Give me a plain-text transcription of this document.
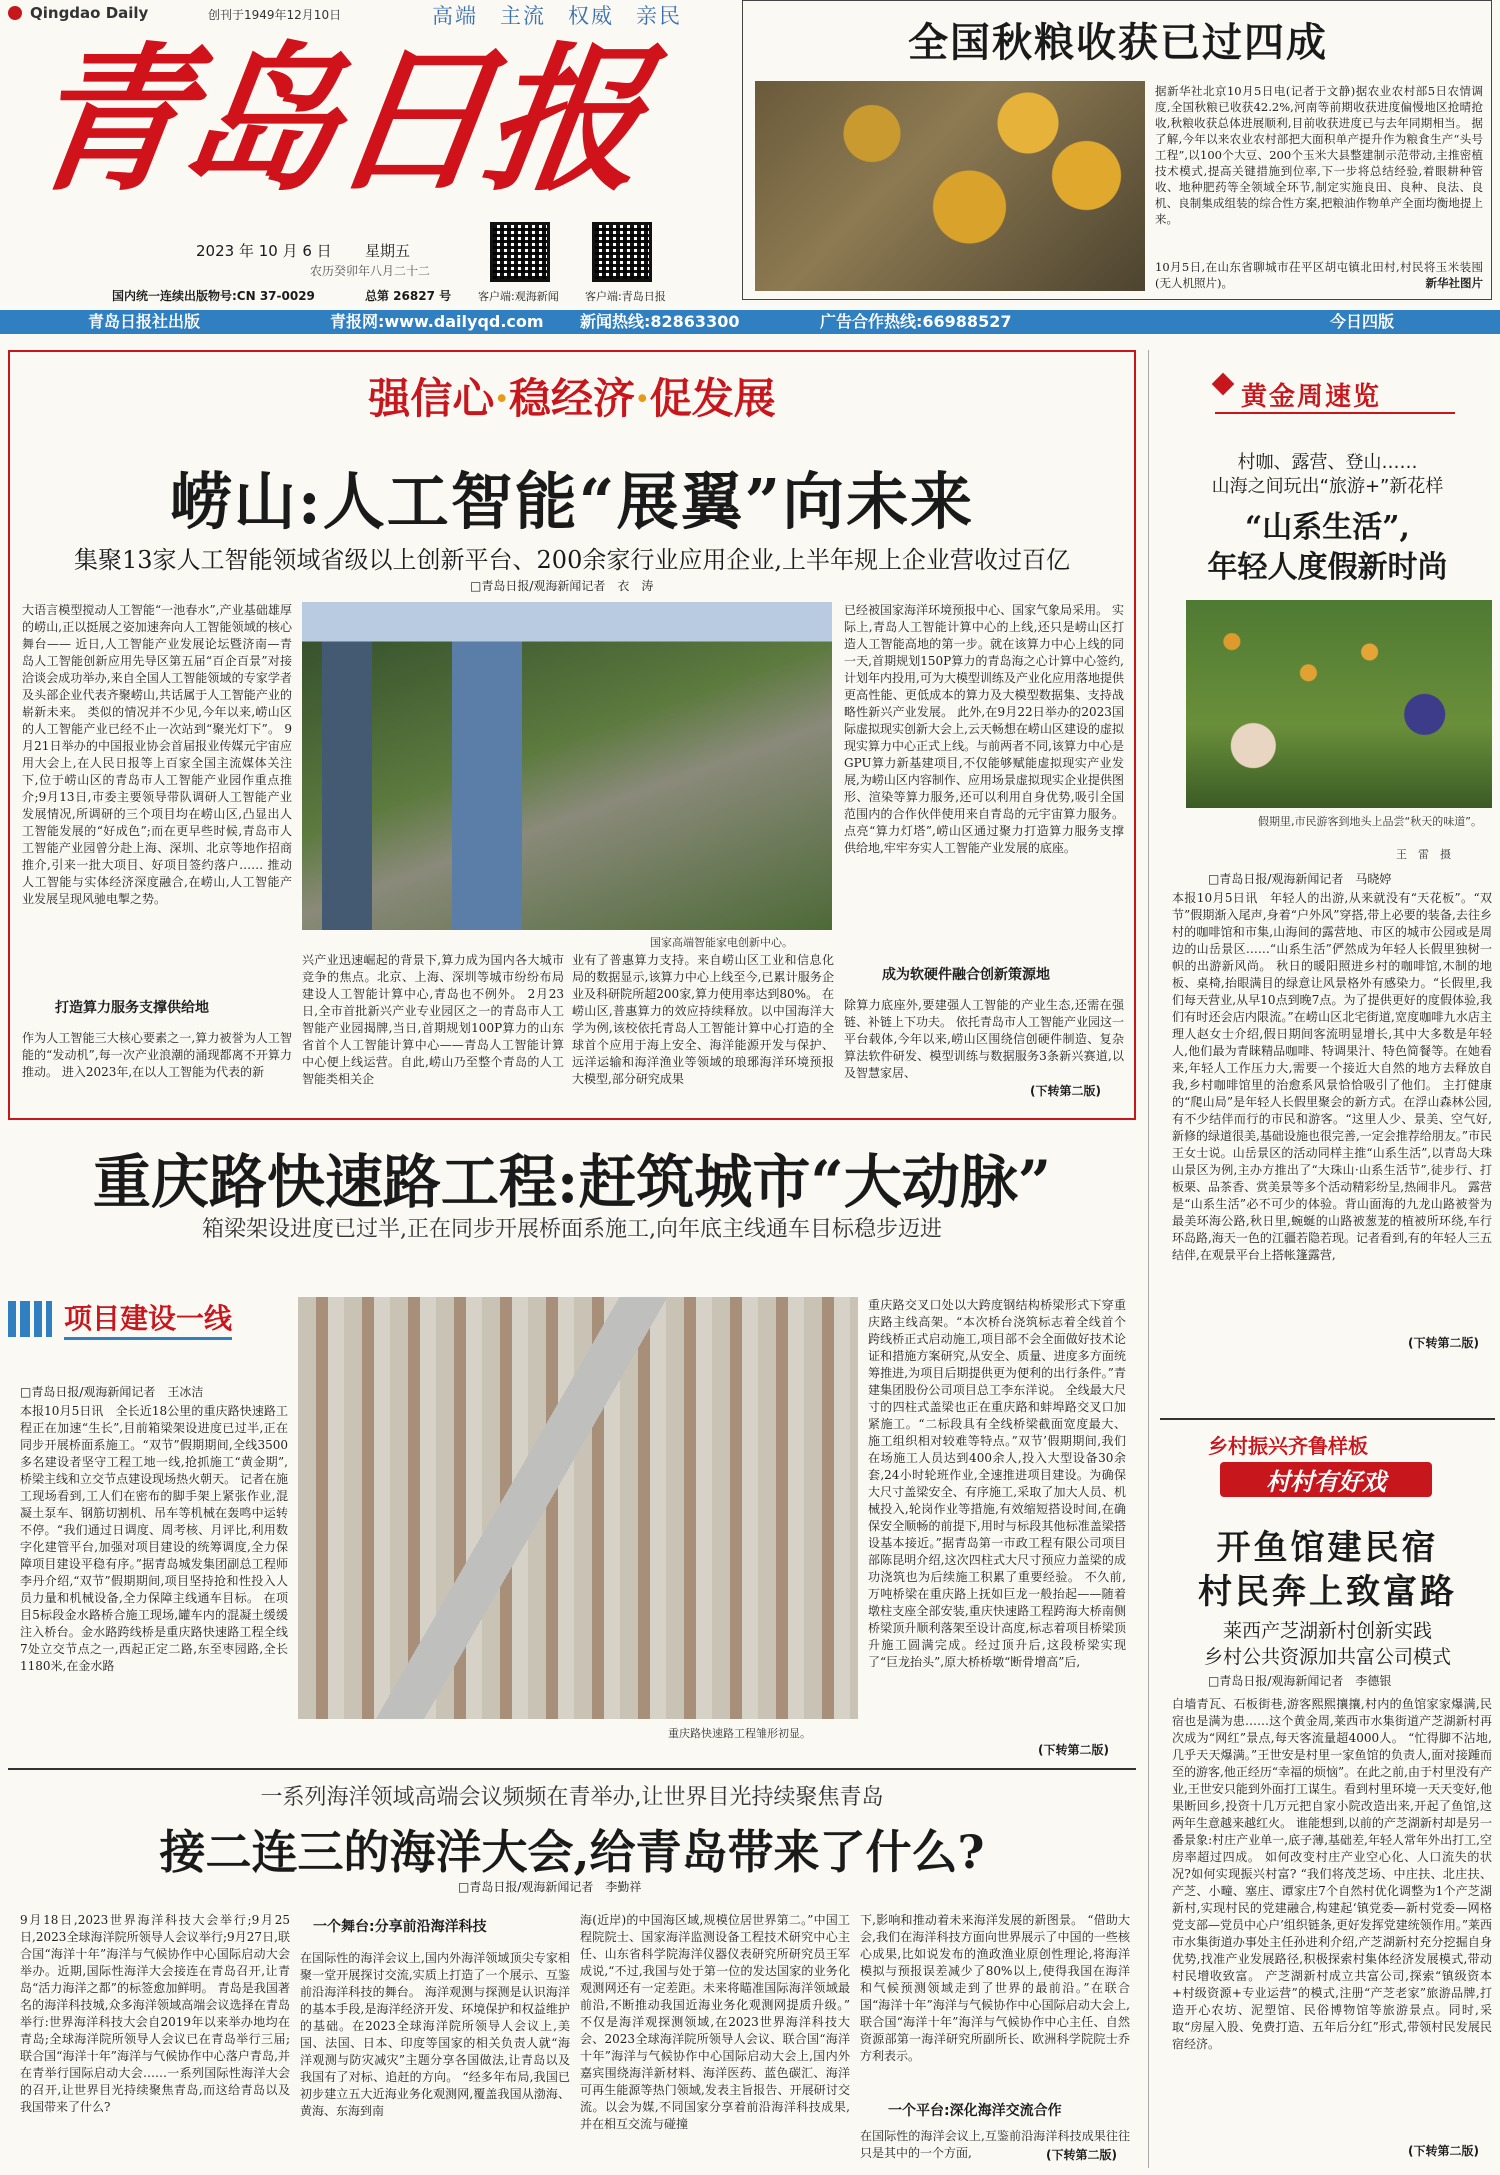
Qingdao Daily	创刊于1949年12月10日	高端 主流 权威 亲民
青岛日报
2023 年 10 月 6 日 星期五
农历癸卯年八月二十二
客户端:观海新闻 客户端:青岛日报
国内统一连续出版物号:CN 37-0029	总第 26827 号
全国秋粮收获已过四成
据新华社北京10月5日电(记者于文静)据农业农村部5日农情调度,全国秋粮已收获42.2%,河南等前期收获进度偏慢地区抢晴抢收,秋粮收获总体进展顺利,目前收获进度已与去年同期相当。 据了解,今年以来农业农村部把大面积单产提升作为粮食生产“头号工程”,以100个大豆、200个玉米大县整建制示范带动,主推密植技术模式,提高关键措施到位率,下一步将总结经验,着眼耕种管收、地种肥药等全领域全环节,制定实施良田、良种、良法、良机、良制集成组装的综合性方案,把粮油作物单产全面均衡地提上来。
10月5日,在山东省聊城市茌平区胡屯镇北田村,村民将玉米装囤(无人机照片)。	新华社图片
青岛日报社出版	青报网:www.dailyqd.com 新闻热线:82863300	广告合作热线:66988527	今日四版
强信心·稳经济·促发展
崂山:人工智能“展翼”向未来
集聚13家人工智能领域省级以上创新平台、200余家行业应用企业,上半年规上企业营收过百亿
□青岛日报/观海新闻记者　衣　涛
大语言模型搅动人工智能“一池春水”,产业基础雄厚的崂山,正以挺展之姿加速奔向人工智能领域的核心舞台—— 近日,人工智能产业发展论坛暨济南—青岛人工智能创新应用先导区第五届“百企百景”对接洽谈会成功举办,来自全国人工智能领域的专家学者及头部企业代表齐聚崂山,共话属于人工智能产业的崭新未来。 类似的情况并不少见,今年以来,崂山区的人工智能产业已经不止一次站到“聚光灯下”。 9月21日举办的中国报业协会首届报业传媒元宇宙应用大会上,在人民日报等上百家全国主流媒体关注下,位于崂山区的青岛市人工智能产业园作重点推介;9月13日,市委主要领导带队调研人工智能产业发展情况,所调研的三个项目均在崂山区,凸显出人工智能发展的“好成色”;而在更早些时候,青岛市人工智能产业园曾分赴上海、深圳、北京等地作招商推介,引来一批大项目、好项目签约落户…… 推动人工智能与实体经济深度融合,在崂山,人工智能产业发展呈现风驰电掣之势。
打造算力服务支撑供给地
作为人工智能三大核心要素之一,算力被誉为人工智能的“发动机”,每一次产业浪潮的涌现都离不开算力推动。 进入2023年,在以人工智能为代表的新
国家高端智能家电创新中心。
兴产业迅速崛起的背景下,算力成为国内各大城市竞争的焦点。北京、上海、深圳等城市纷纷布局建设人工智能计算中心,青岛也不例外。 2月23日,全市首批新兴产业专业园区之一的青岛市人工智能产业园揭牌,当日,首期规划100P算力的山东省首个人工智能计算中心——青岛人工智能计算中心便上线运营。自此,崂山乃至整个青岛的人工智能类相关企
业有了普惠算力支持。来自崂山区工业和信息化局的数据显示,该算力中心上线至今,已累计服务企业及科研院所超200家,算力使用率达到80%。 在崂山区,普惠算力的效应持续释放。以中国海洋大学为例,该校依托青岛人工智能计算中心打造的全球首个应用于海上安全、海洋能源开发与保护、远洋运输和海洋渔业等领域的琅琊海洋环境预报大模型,部分研究成果
已经被国家海洋环境预报中心、国家气象局采用。 实际上,青岛人工智能计算中心的上线,还只是崂山区打造人工智能高地的第一步。就在该算力中心上线的同一天,首期规划150P算力的青岛海之心计算中心签约,计划年内投用,可为大模型训练及产业化应用落地提供更高性能、更低成本的算力及大模型数据集、支持战略性新兴产业发展。 此外,在9月22日举办的2023国际虚拟现实创新大会上,云天畅想在崂山区建设的虚拟现实算力中心正式上线。与前两者不同,该算力中心是GPU算力新基建项目,不仅能够赋能虚拟现实产业发展,为崂山区内容制作、应用场景虚拟现实企业提供图形、渲染等算力服务,还可以利用自身优势,吸引全国范围内的合作伙伴使用来自青岛的元宇宙算力服务。 点亮“算力灯塔”,崂山区通过聚力打造算力服务支撑供给地,牢牢夯实人工智能产业发展的底座。
成为软硬件融合创新策源地
除算力底座外,要建强人工智能的产业生态,还需在强链、补链上下功夫。 依托青岛市人工智能产业园这一平台载体,今年以来,崂山区围绕信创硬件制造、复杂算法软件研发、模型训练与数据服务3条新兴赛道,以及智慧家居、
(下转第二版)
重庆路快速路工程:赶筑城市“大动脉”
箱梁架设进度已过半,正在同步开展桥面系施工,向年底主线通车目标稳步迈进
项目建设一线
□青岛日报/观海新闻记者　王冰洁
本报10月5日讯　全长近18公里的重庆路快速路工程正在加速“生长”,目前箱梁架设进度已过半,正在同步开展桥面系施工。“双节”假期期间,全线3500多名建设者坚守工程工地一线,抢抓施工“黄金期”,桥梁主线和立交节点建设现场热火朝天。 记者在施工现场看到,工人们在密布的脚手架上紧张作业,混凝土泵车、钢筋切割机、吊车等机械在轰鸣中运转不停。“我们通过日调度、周考核、月评比,利用数字化建管平台,加强对项目建设的统筹调度,全力保障项目建设平稳有序。”据青岛城发集团副总工程师李丹介绍,“双节”假期期间,项目坚持抢和性投入人员力量和机械设备,全力保障主线通车目标。 在项目5标段金水路桥合施工现场,罐车内的混凝土缓缓注入桥台。金水路跨线桥是重庆路快速路工程全线7处立交节点之一,西起正定二路,东至枣园路,全长1180米,在金水路
重庆路快速路工程雏形初显。
重庆路交叉口处以大跨度钢结构桥梁形式下穿重庆路主线高架。“本次桥台浇筑标志着全线首个跨线桥正式启动施工,项目部不会全面做好技术论证和措施方案研究,从安全、质量、进度多方面统筹推进,为项目后期提供更为便利的出行条件。”青建集团股份公司项目总工李东洋说。 全线最大尺寸的四柱式盖梁也正在重庆路和蚌埠路交叉口加紧施工。“二标段具有全线桥梁截面宽度最大、施工组织相对较难等特点。”双节’假期期间,我们在场施工人员达到400余人,投入大型设备30余套,24小时轮班作业,全速推进项目建设。为确保大尺寸盖梁安全、有序施工,采取了加大人员、机械投入,轮岗作业等措施,有效缩短搭设时间,在确保安全顺畅的前提下,用时与标段其他标准盖梁搭设基本接近。”据青岛第一市政工程有限公司项目部陈昆明介绍,这次四柱式大尺寸预应力盖梁的成功浇筑也为后续施工积累了重要经验。 不久前,万吨桥梁在重庆路上抚如巨龙一般抬起——随着墩柱支座全部安装,重庆快速路工程跨海大桥南侧桥梁顶升顺利落架至设计高度,标志着项目桥梁顶升施工圆满完成。经过顶升后,这段桥梁实现了“巨龙抬头”,原大桥桥墩“断骨增高”后,
(下转第二版)
一系列海洋领域高端会议频频在青举办,让世界目光持续聚焦青岛
接二连三的海洋大会,给青岛带来了什么?
□青岛日报/观海新闻记者　李勤祥
9月18日,2023世界海洋科技大会举行;9月25日,2023全球海洋院所领导人会议举行;9月27日,联合国“海洋十年”海洋与气候协作中心国际启动大会举办。近期,国际性海洋大会接连在青岛召开,让青岛“活力海洋之都”的标签愈加鲜明。 青岛是我国著名的海洋科技城,众多海洋领域高端会议选择在青岛举行:世界海洋科技大会自2019年以来举办地均在青岛;全球海洋院所领导人会议已在青岛举行三届;联合国“海洋十年”海洋与气候协作中心落户青岛,并在青举行国际启动大会……一系列国际性海洋大会的召开,让世界目光持续聚焦青岛,而这给青岛以及我国带来了什么?
一个舞台:分享前沿海洋科技
在国际性的海洋会议上,国内外海洋领域顶尖专家相聚一堂开展探讨交流,实质上打造了一个展示、互鉴前沿海洋科技的舞台。 海洋观测与探测是认识海洋的基本手段,是海洋经济开发、环境保护和权益维护的基础。在2023全球海洋院所领导人会议上,美国、法国、日本、印度等国家的相关负责人就“海洋观测与防灾减灾”主题分享各国做法,让青岛以及我国有了对标、追赶的方向。 “经多年布局,我国已初步建立五大近海业务化观测网,覆盖我国从渤海、黄海、东海到南
海(近岸)的中国海区域,规模位居世界第二。”中国工程院院士、国家海洋监测设备工程技术研究中心主任、山东省科学院海洋仪器仪表研究所研究员王军成说,“不过,我国与处于第一位的发达国家的业务化观测网还有一定差距。未来将瞄准国际海洋领域最前沿,不断推动我国近海业务化观测网提质升级。” 不仅是海洋观探测领域,在2023世界海洋科技大会、2023全球海洋院所领导人会议、联合国“海洋十年”海洋与气候协作中心国际启动大会上,国内外嘉宾围绕海洋新材料、海洋医药、蓝色碳汇、海洋可再生能源等热门领域,发表主旨报告、开展研讨交流。以会为媒,不同国家分享着前沿海洋科技成果,并在相互交流与碰撞
下,影响和推动着未来海洋发展的新图景。 “借助大会,我们在海洋科技方面向世界展示了中国的一些核心成果,比如说发布的渔政渔业原创性理论,将海洋模拟与预报误差减少了80%以上,使得我国在海洋和气候预测领域走到了世界的最前沿。”在联合国“海洋十年”海洋与气候协作中心国际启动大会上,联合国“海洋十年”海洋与气候协作中心主任、自然资源部第一海洋研究所副所长、欧洲科学院院士乔方利表示。
一个平台:深化海洋交流合作
在国际性的海洋会议上,互鉴前沿海洋科技成果往往只是其中的一个方面,	(下转第二版)
黄金周速览
村咖、露营、登山……
山海之间玩出“旅游+”新花样
“山系生活”,
年轻人度假新时尚
假期里,市民游客到地头上品尝“秋天的味道”。
王　雷　摄
□青岛日报/观海新闻记者　马晓婷
本报10月5日讯　年轻人的出游,从来就没有“天花板”。“双节”假期渐入尾声,身着“户外风”穿搭,带上必要的装备,去往乡村的咖啡馆和市集,山海间的露营地、市区的城市公园或是周边的山岳景区……“山系生活”俨然成为年轻人长假里独树一帜的出游新风尚。 秋日的暖阳照进乡村的咖啡馆,木制的地板、桌椅,抬眼满目的绿意让风景格外有感染力。“长假里,我们每天营业,从早10点到晚7点。为了提供更好的度假体验,我们有时还会店内限流。”在崂山区北宅街道,宽度咖啡九水店主理人赵女士介绍,假日期间客流明显增长,其中大多数是年轻人,他们最为青睐精品咖啡、特调果汁、特色简餐等。在她看来,年轻人工作压力大,需要一个接近大自然的地方去释放自我,乡村咖啡馆里的治愈系风景恰恰吸引了他们。 主打健康的“爬山局”是年轻人长假里聚会的新方式。在浮山森林公园,有不少结伴而行的市民和游客。“这里人少、景美、空气好,新修的绿道很美,基础设施也很完善,一定会推荐给朋友。”市民王女士说。山岳景区的活动同样主推“山系生活”,以青岛大珠山景区为例,主办方推出了“大珠山·山系生活节”,徒步行、打板栗、品茶香、赏美景等多个活动精彩纷呈,热闹非凡。 露营是“山系生活”必不可少的体验。背山面海的九龙山路被誉为最美环海公路,秋日里,蜿蜒的山路被葱茏的植被所环绕,车行环岛路,海天一色的江疆若隐若现。记者看到,有的年轻人三五结伴,在观景平台上搭帐篷露营,
(下转第二版)
乡村振兴齐鲁样板
村村有好戏
开鱼馆建民宿
村民奔上致富路
莱西产芝湖新村创新实践
乡村公共资源加共富公司模式
□青岛日报/观海新闻记者　李德银
白墙青瓦、石板街巷,游客熙熙攘攘,村内的鱼馆家家爆满,民宿也是满为患……这个黄金周,莱西市水集街道产芝湖新村再次成为“网红”景点,每天客流量超4000人。 “忙得脚不沾地,几乎天天爆满。”王世安是村里一家鱼馆的负责人,面对接踵而至的游客,他正经历“幸福的烦恼”。在此之前,由于村里没有产业,王世安只能到外面打工谋生。看到村里环境一天天变好,他果断回乡,投资十几万元把自家小院改造出来,开起了鱼馆,这两年生意越来越红火。 谁能想到,以前的产芝湖新村却是另一番景象:村庄产业单一,底子薄,基础差,年轻人常年外出打工,空房率超过四成。 如何改变村庄产业空心化、人口流失的状况?如何实现振兴村富? “我们将茂芝场、中庄扶、北庄扶、产芝、小疃、塞庄、谭家庄7个自然村优化调整为1个产芝湖新村,实现村民的党建融合,构建起‘镇党委—新村党委—网格党支部—党员中心户’组织链条,更好发挥党建统领作用。”莱西市水集街道办事处主任孙进利介绍,产芝湖新村充分挖掘自身优势,找准产业发展路径,积极探索村集体经济发展模式,带动村民增收致富。 产芝湖新村成立共富公司,探索“镇级资本+村级资源+专业运营”的模式,注册“产芝老家”旅游品牌,打造开心农坊、泥塑馆、民俗博物馆等旅游景点。同时,采取“房屋入股、免费打造、五年后分红”形式,带领村民发展民宿经济。
(下转第二版)
